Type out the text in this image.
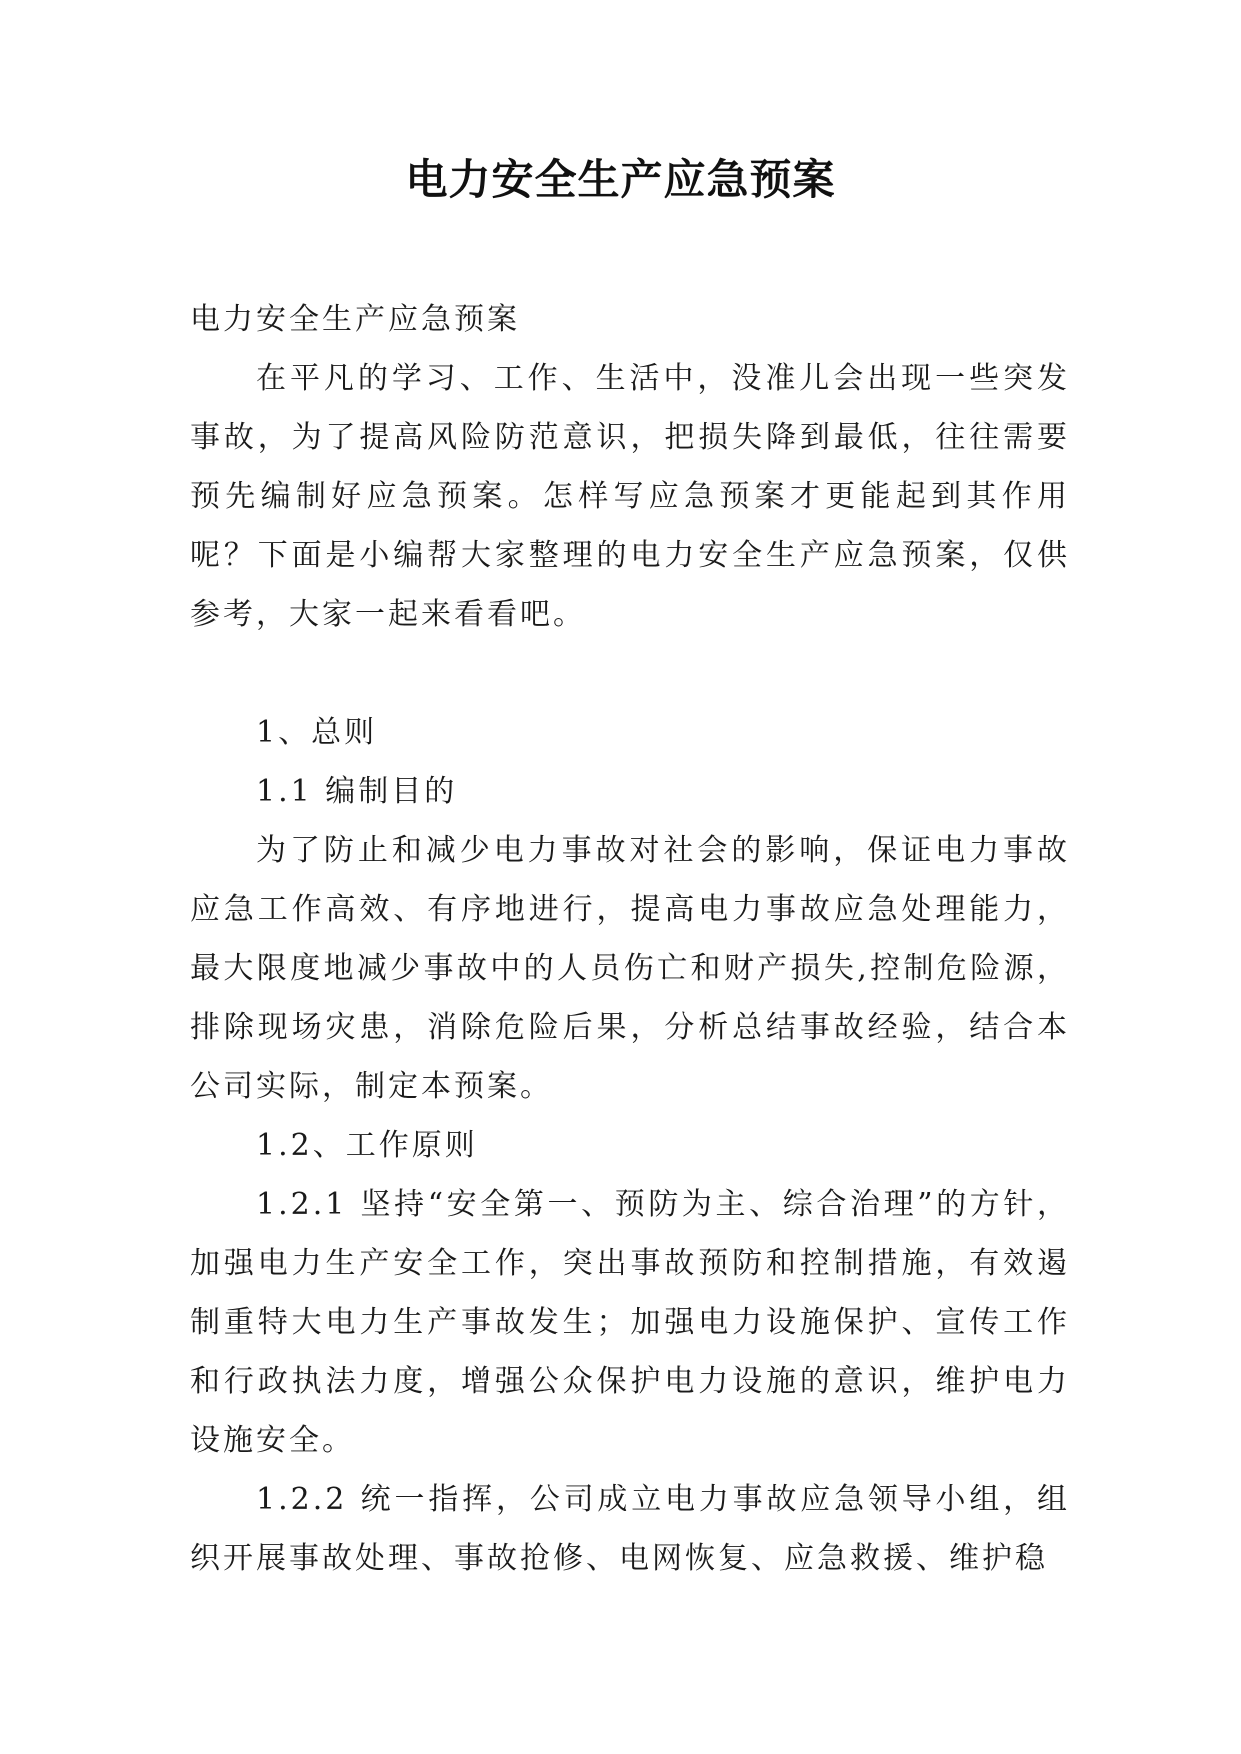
电力安全生产应急预案

电力安全生产应急预案

在平凡的学习、工作、生活中，没准儿会出现一些突发事故，为了提高风险防范意识，把损失降到最低，往往需要预先编制好应急预案。怎样写应急预案才更能起到其作用呢？下面是小编帮大家整理的电力安全生产应急预案，仅供参考，大家一起来看看吧。

1、总则

1.1 编制目的

为了防止和减少电力事故对社会的影响，保证电力事故应急工作高效、有序地进行，提高电力事故应急处理能力，最大限度地减少事故中的人员伤亡和财产损失,控制危险源，排除现场灾患，消除危险后果，分析总结事故经验，结合本公司实际，制定本预案。

1.2、工作原则

1.2.1 坚持“安全第一、预防为主、综合治理”的方针，加强电力生产安全工作，突出事故预防和控制措施，有效遏制重特大电力生产事故发生；加强电力设施保护、宣传工作和行政执法力度，增强公众保护电力设施的意识，维护电力设施安全。

1.2.2 统一指挥，公司成立电力事故应急领导小组，组织开展事故处理、事故抢修、电网恢复、应急救援、维护稳
